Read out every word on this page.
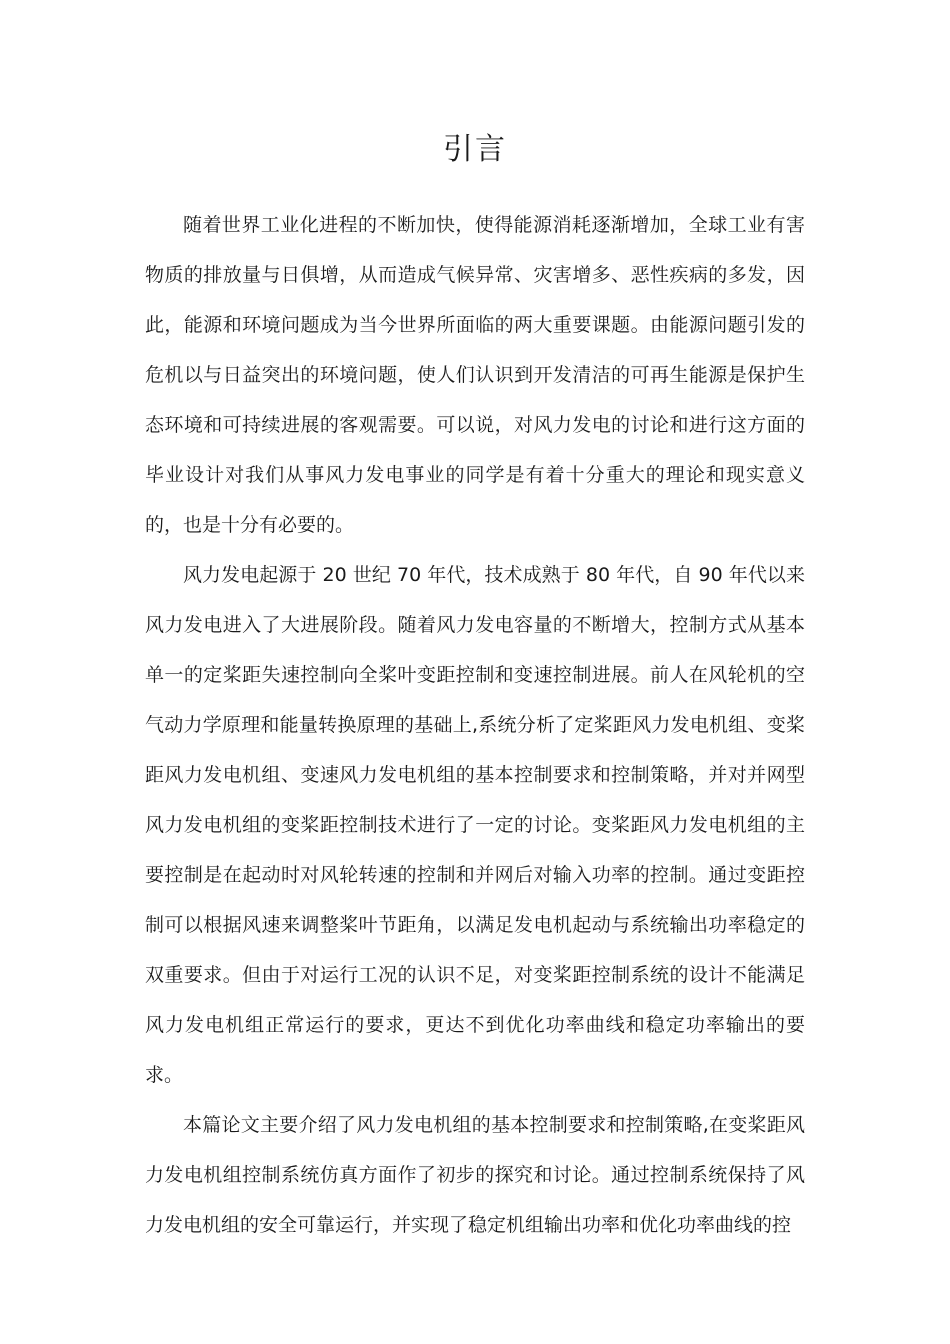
引言

随着世界工业化进程的不断加快，使得能源消耗逐渐增加，全球工业有害物质的排放量与日俱增，从而造成气候异常、灾害增多、恶性疾病的多发，因此，能源和环境问题成为当今世界所面临的两大重要课题。由能源问题引发的危机以与日益突出的环境问题，使人们认识到开发清洁的可再生能源是保护生态环境和可持续进展的客观需要。可以说，对风力发电的讨论和进行这方面的毕业设计对我们从事风力发电事业的同学是有着十分重大的理论和现实意义的，也是十分有必要的。

风力发电起源于 20 世纪 70 年代，技术成熟于 80 年代，自 90 年代以来风力发电进入了大进展阶段。随着风力发电容量的不断增大，控制方式从基本单一的定桨距失速控制向全桨叶变距控制和变速控制进展。前人在风轮机的空气动力学原理和能量转换原理的基础上,系统分析了定桨距风力发电机组、变桨距风力发电机组、变速风力发电机组的基本控制要求和控制策略，并对并网型风力发电机组的变桨距控制技术进行了一定的讨论。变桨距风力发电机组的主要控制是在起动时对风轮转速的控制和并网后对输入功率的控制。通过变距控制可以根据风速来调整桨叶节距角，以满足发电机起动与系统输出功率稳定的双重要求。但由于对运行工况的认识不足，对变桨距控制系统的设计不能满足风力发电机组正常运行的要求，更达不到优化功率曲线和稳定功率输出的要求。

本篇论文主要介绍了风力发电机组的基本控制要求和控制策略,在变桨距风力发电机组控制系统仿真方面作了初步的探究和讨论。通过控制系统保持了风力发电机组的安全可靠运行，并实现了稳定机组输出功率和优化功率曲线的控
